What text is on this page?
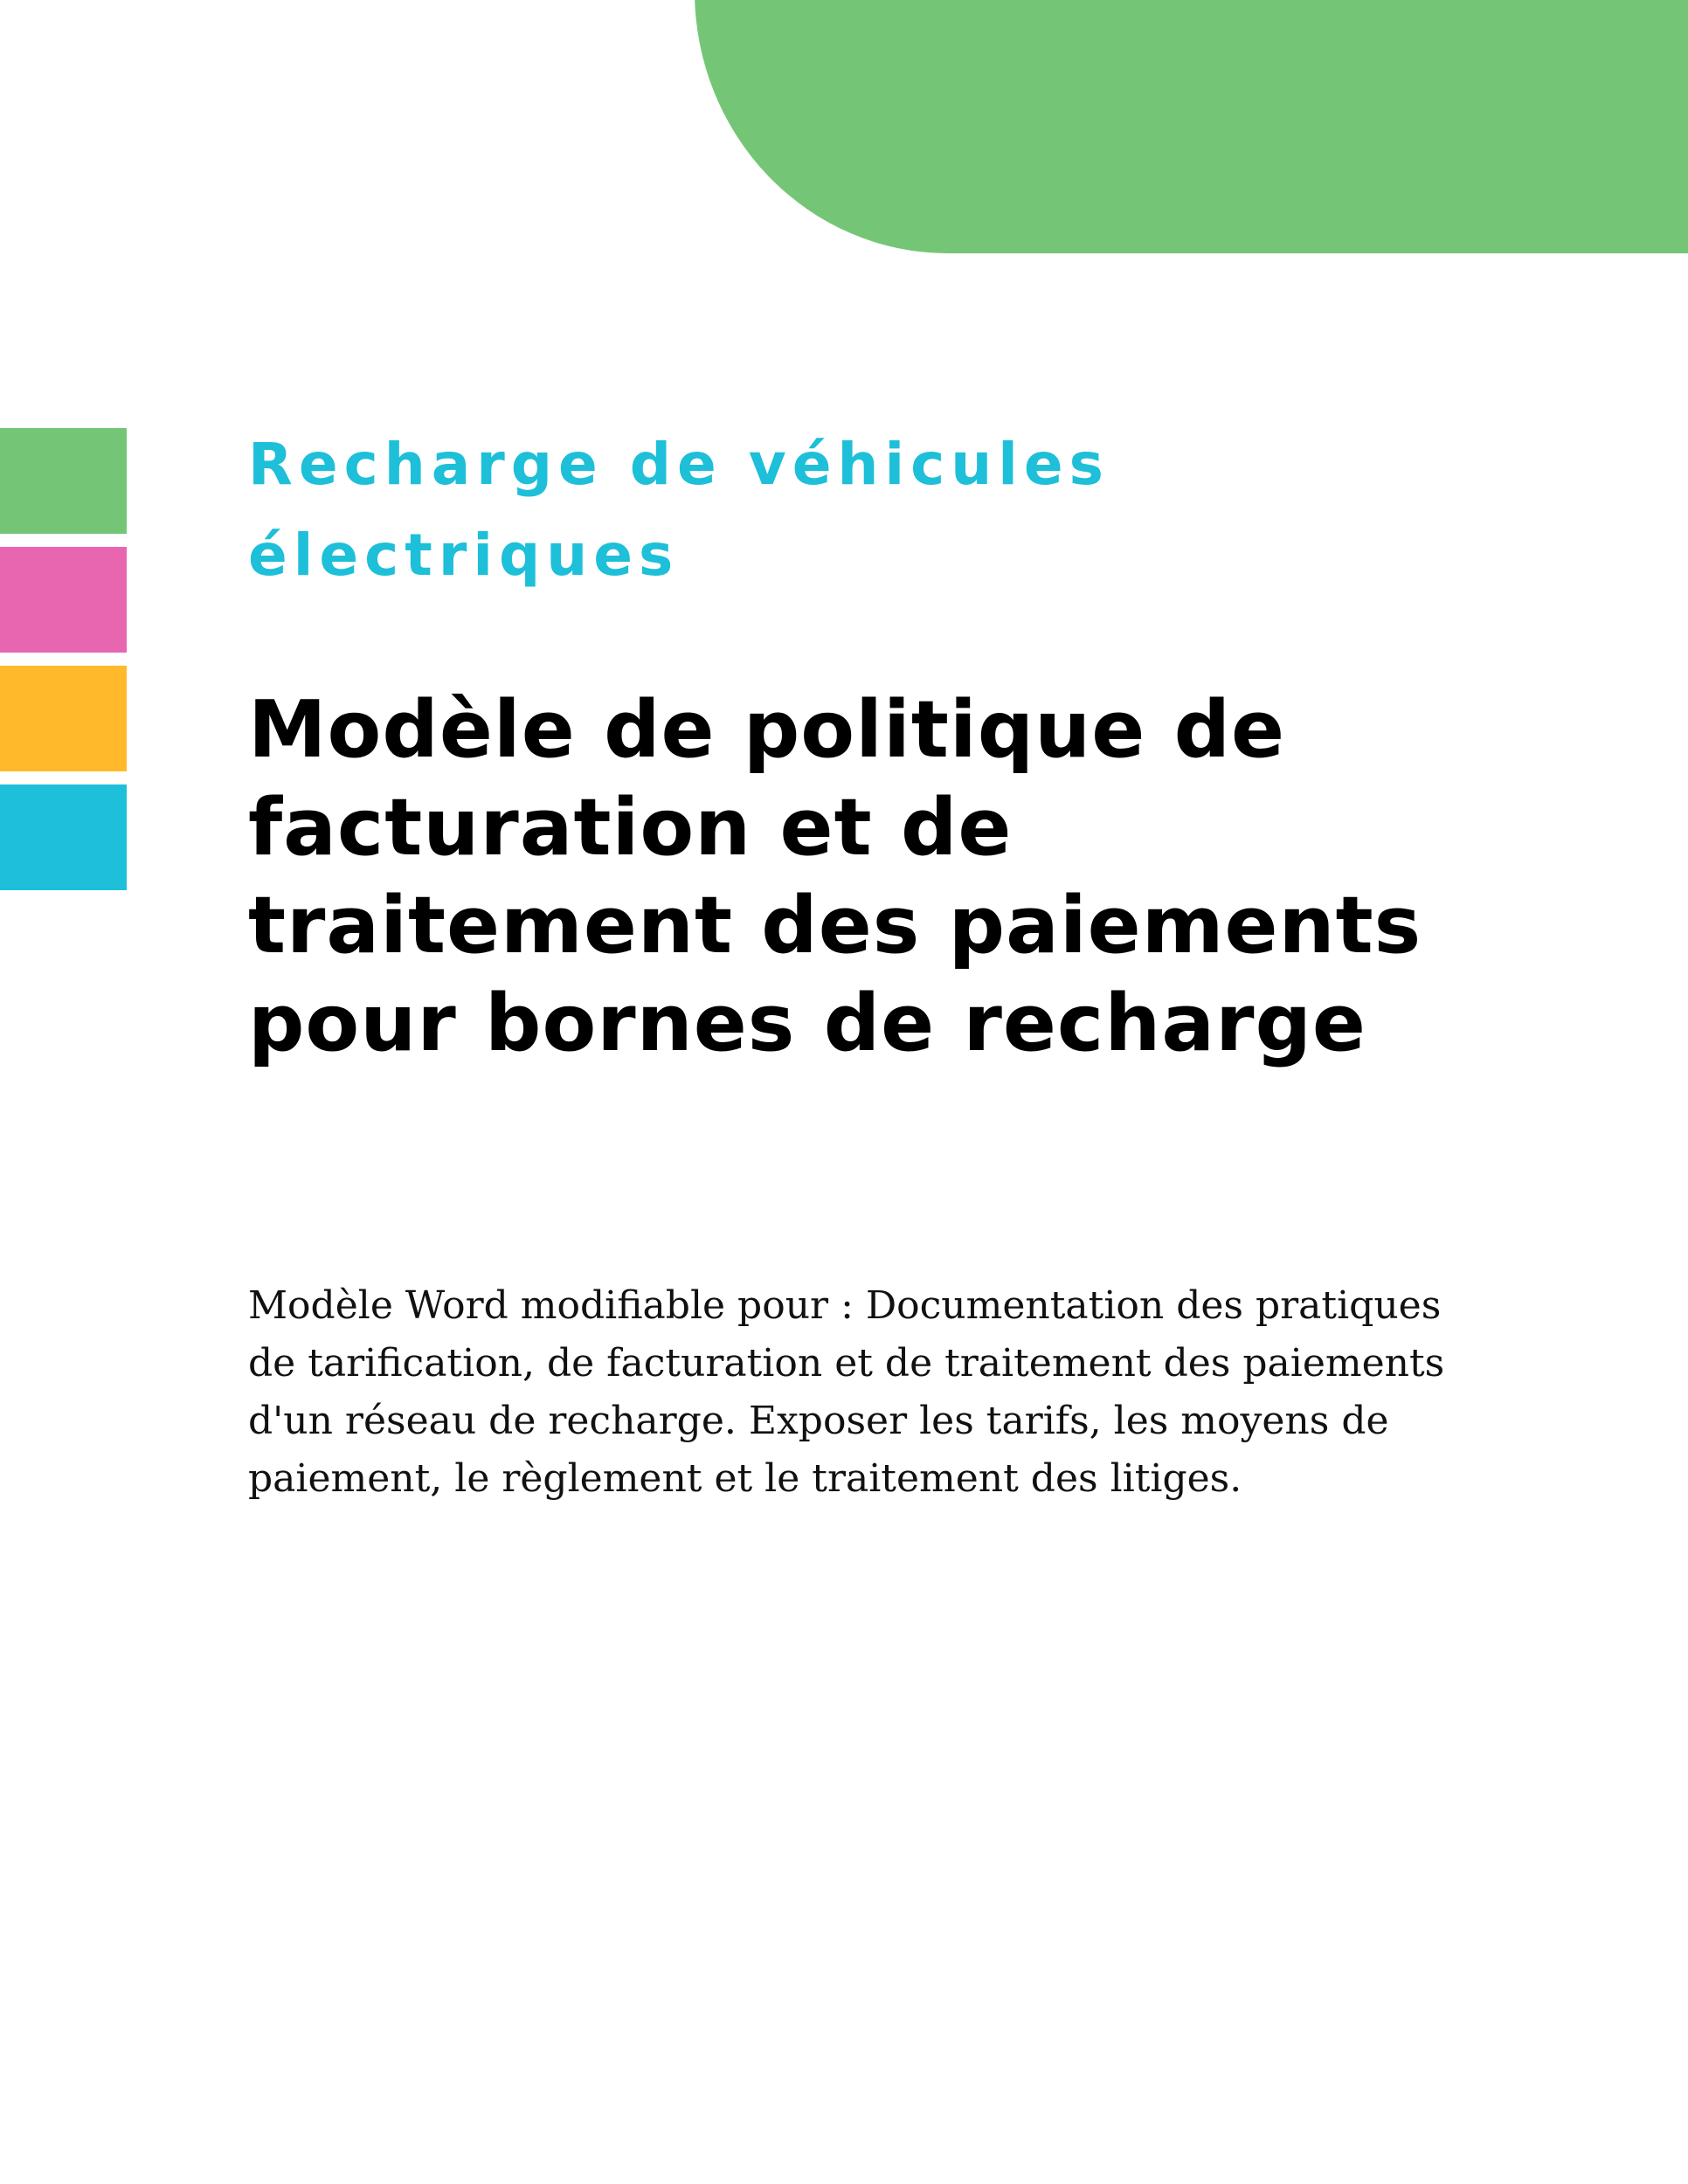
Recharge de véhicules
électriques
Modèle de politique de
facturation et de
traitement des paiements
pour bornes de recharge

Modèle Word modifiable pour : Documentation des pratiques de tarification, de facturation et de traitement des paiements d'un réseau de recharge. Exposer les tarifs, les moyens de paiement, le règlement et le traitement des litiges.
